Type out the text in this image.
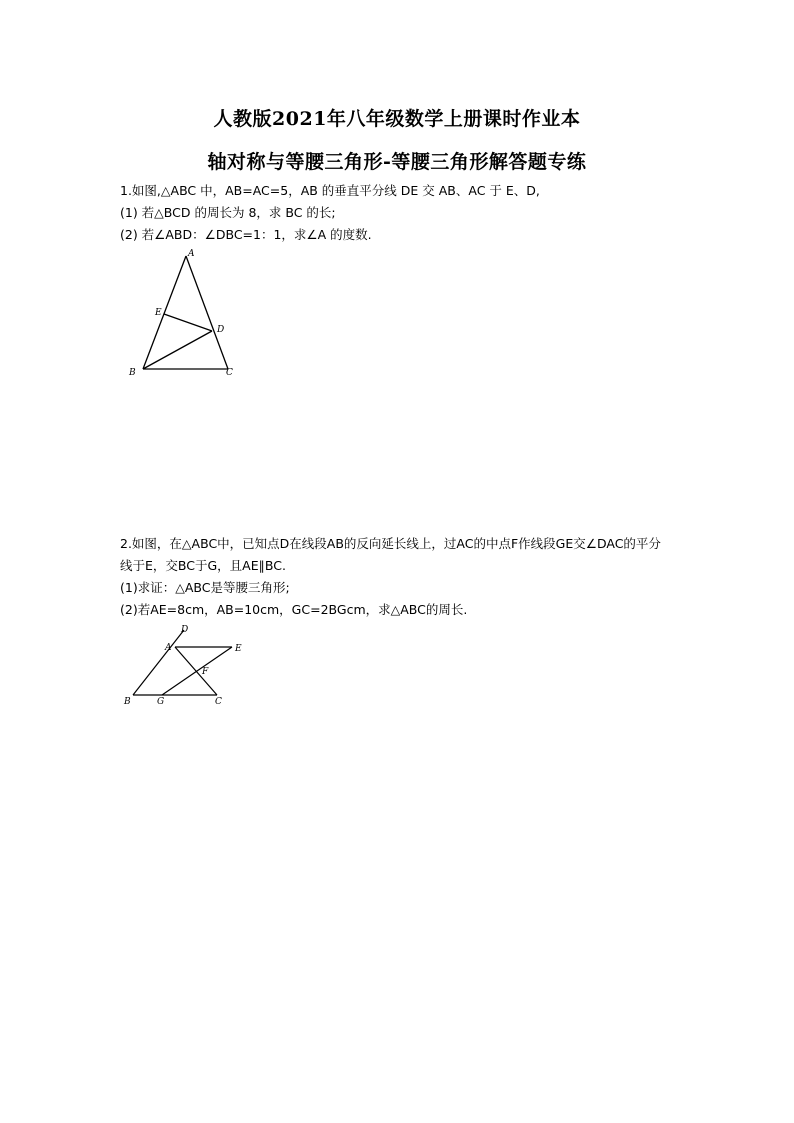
人教版2021年八年级数学上册课时作业本
轴对称与等腰三角形-等腰三角形解答题专练
1.如图,△ABC 中，AB=AC=5，AB 的垂直平分线 DE 交 AB、AC 于 E、D,
(1) 若△BCD 的周长为 8，求 BC 的长;
(2) 若∠ABD：∠DBC=1：1，求∠A 的度数.
A
E
D
B	C
2.如图，在△ABC中，已知点D在线段AB的反向延长线上，过AC的中点F作线段GE交∠DAC的平分
线于E，交BC于G，且AE∥BC.
(1)求证：△ABC是等腰三角形;
(2)若AE=8cm，AB=10cm，GC=2BGcm，求△ABC的周长.
D
A	E
F
B	G	C
